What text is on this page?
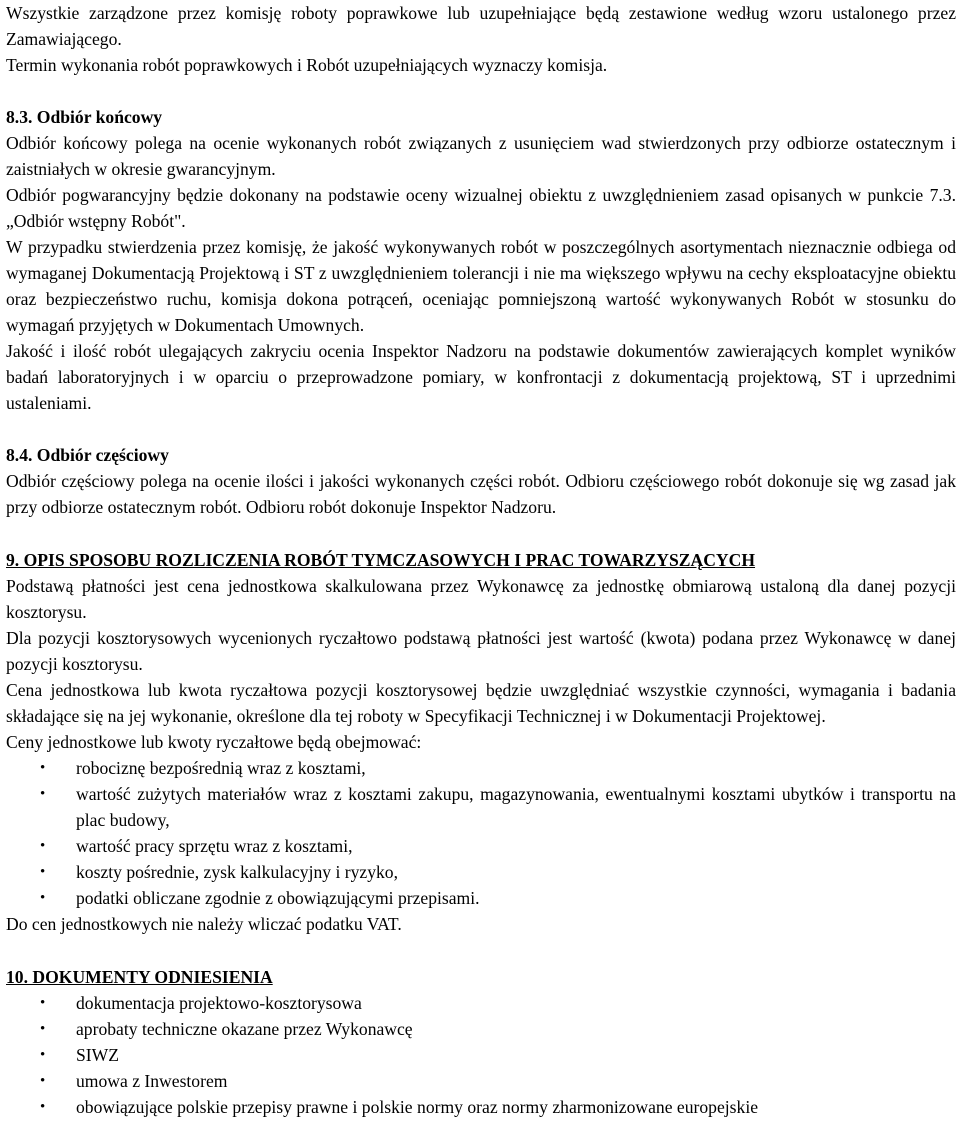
Wszystkie zarządzone przez komisję roboty poprawkowe lub uzupełniające będą zestawione według wzoru ustalonego przez Zamawiającego.

Termin wykonania robót poprawkowych i Robót uzupełniających wyznaczy komisja.

8.3. Odbiór końcowy

Odbiór końcowy polega na ocenie wykonanych robót związanych z usunięciem wad stwierdzonych przy odbiorze ostatecznym i zaistniałych w okresie gwarancyjnym.

Odbiór pogwarancyjny będzie dokonany na podstawie oceny wizualnej obiektu z uwzględnieniem zasad opisanych w punkcie 7.3. „Odbiór wstępny Robót".

W przypadku stwierdzenia przez komisję, że jakość wykonywanych robót w poszczególnych asortymentach nieznacznie odbiega od wymaganej Dokumentacją Projektową i ST z uwzględnieniem tolerancji i nie ma większego wpływu na cechy eksploatacyjne obiektu oraz bezpieczeństwo ruchu, komisja dokona potrąceń, oceniając pomniejszoną wartość wykonywanych Robót w stosunku do wymagań przyjętych w Dokumentach Umownych.

Jakość i ilość robót ulegających zakryciu ocenia Inspektor Nadzoru na podstawie dokumentów zawierających komplet wyników badań laboratoryjnych i w oparciu o przeprowadzone pomiary, w konfrontacji z dokumentacją projektową, ST i uprzednimi ustaleniami.

8.4. Odbiór częściowy

Odbiór częściowy polega na ocenie ilości i jakości wykonanych części robót. Odbioru częściowego robót dokonuje się wg zasad jak przy odbiorze ostatecznym robót. Odbioru robót dokonuje Inspektor Nadzoru.

9. OPIS SPOSOBU ROZLICZENIA ROBÓT TYMCZASOWYCH I PRAC TOWARZYSZĄCYCH

Podstawą płatności jest cena jednostkowa skalkulowana przez Wykonawcę za jednostkę obmiarową ustaloną dla danej pozycji kosztorysu.

Dla pozycji kosztorysowych wycenionych ryczałtowo podstawą płatności jest wartość (kwota) podana przez Wykonawcę w danej pozycji kosztorysu.

Cena jednostkowa lub kwota ryczałtowa pozycji kosztorysowej będzie uwzględniać wszystkie czynności, wymagania i badania składające się na jej wykonanie, określone dla tej roboty w Specyfikacji Technicznej i w Dokumentacji Projektowej.

Ceny jednostkowe lub kwoty ryczałtowe będą obejmować:

• robociznę bezpośrednią wraz z kosztami,
• wartość zużytych materiałów wraz z kosztami zakupu, magazynowania, ewentualnymi kosztami ubytków i transportu na plac budowy,
• wartość pracy sprzętu wraz z kosztami,
• koszty pośrednie, zysk kalkulacyjny i ryzyko,
• podatki obliczane zgodnie z obowiązującymi przepisami.

Do cen jednostkowych nie należy wliczać podatku VAT.

10. DOKUMENTY ODNIESIENIA

• dokumentacja projektowo-kosztorysowa
• aprobaty techniczne okazane przez Wykonawcę
• SIWZ
• umowa z Inwestorem
• obowiązujące polskie przepisy prawne i polskie normy oraz normy zharmonizowane europejskie
